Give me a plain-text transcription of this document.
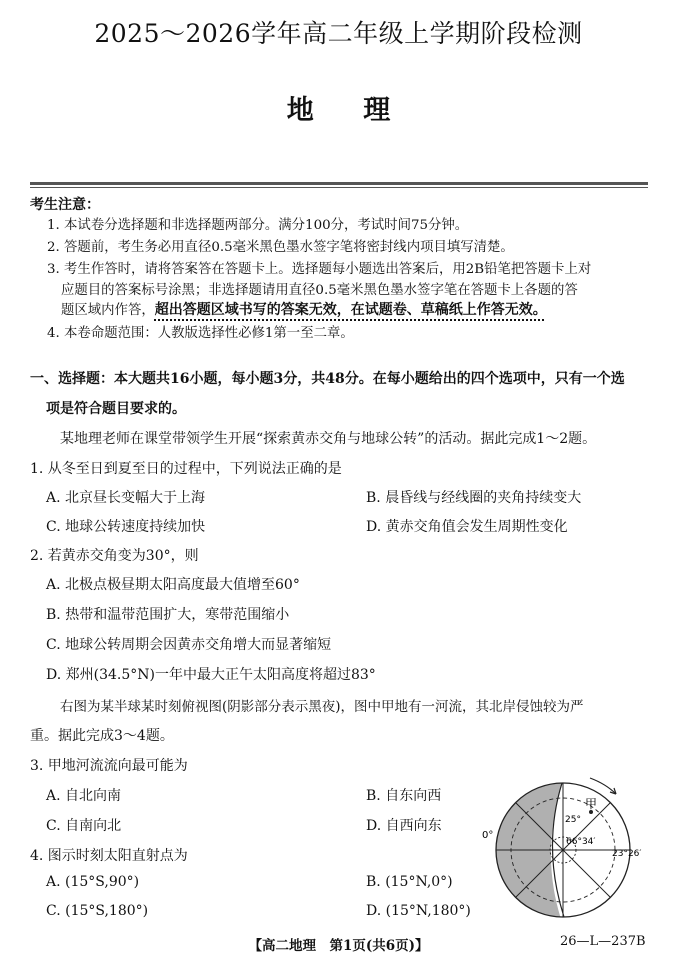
2025～2026学年高二年级上学期阶段检测
地 理
考生注意：
1. 本试卷分选择题和非选择题两部分。满分100分，考试时间75分钟。
2. 答题前，考生务必用直径0.5毫米黑色墨水签字笔将密封线内项目填写清楚。
3. 考生作答时，请将答案答在答题卡上。选择题每小题选出答案后，用2B铅笔把答题卡上对
应题目的答案标号涂黑；非选择题请用直径0.5毫米黑色墨水签字笔在答题卡上各题的答
题区域内作答，超出答题区域书写的答案无效，在试题卷、草稿纸上作答无效。
4. 本卷命题范围：人教版选择性必修1第一至二章。
一、选择题：本大题共16小题，每小题3分，共48分。在每小题给出的四个选项中，只有一个选
项是符合题目要求的。
某地理老师在课堂带领学生开展“探索黄赤交角与地球公转”的活动。据此完成1～2题。
1. 从冬至日到夏至日的过程中，下列说法正确的是
A. 北京昼长变幅大于上海	B. 晨昏线与经线圈的夹角持续变大
C. 地球公转速度持续加快	D. 黄赤交角值会发生周期性变化
2. 若黄赤交角变为30°，则
A. 北极点极昼期太阳高度最大值增至60°
B. 热带和温带范围扩大，寒带范围缩小
C. 地球公转周期会因黄赤交角增大而显著缩短
D. 郑州(34.5°N)一年中最大正午太阳高度将超过83°
右图为某半球某时刻俯视图(阴影部分表示黑夜)，图中甲地有一河流，其北岸侵蚀较为严
重。据此完成3～4题。
3. 甲地河流流向最可能为
A. 自北向南	B. 自东向西
C. 自南向北	D. 自西向东
4. 图示时刻太阳直射点为
A. (15°S,90°)	B. (15°N,0°)
C. (15°S,180°)	D. (15°N,180°)
甲
0°
25°
66°34′
23°26′
【高二地理　第1页(共6页)】	26—L—237B
